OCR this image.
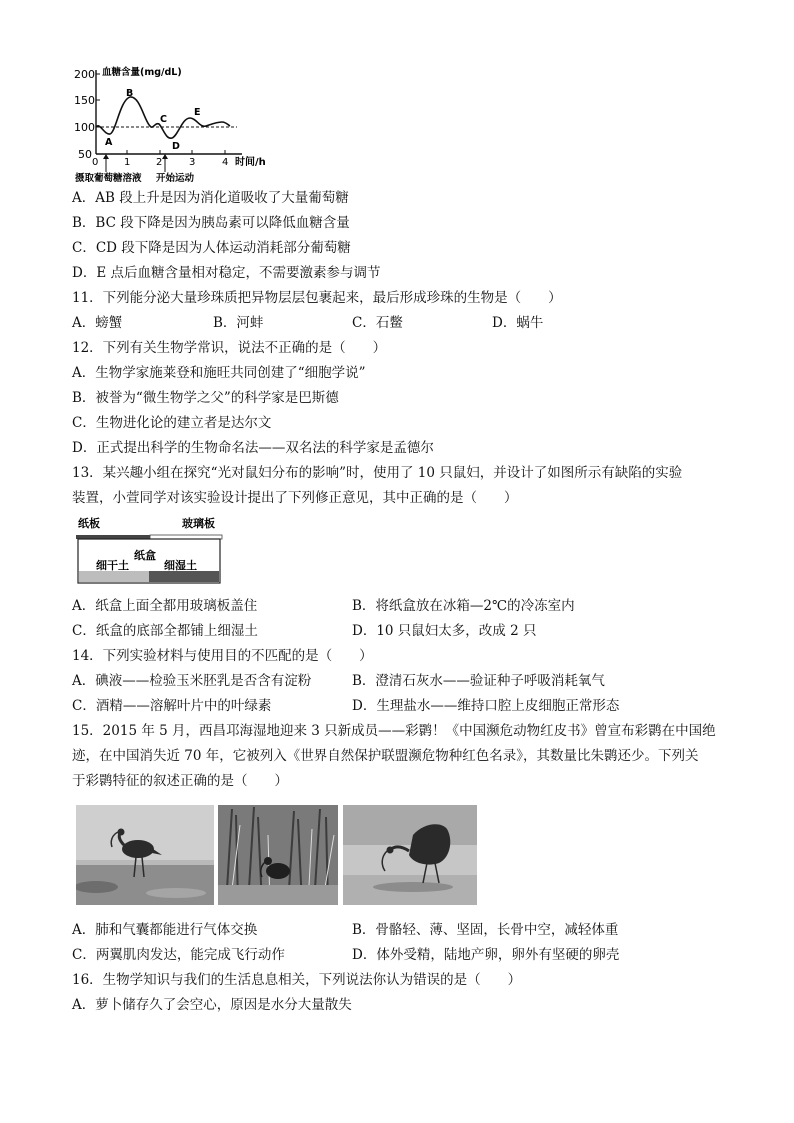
200
150
100
50
血糖含量(mg/dL)
0	1	2	3	4 时间/h
A
B
C
D
E
摄取葡萄糖溶液 开始运动
A．AB 段上升是因为消化道吸收了大量葡萄糖
B．BC 段下降是因为胰岛素可以降低血糖含量
C．CD 段下降是因为人体运动消耗部分葡萄糖
D．E 点后血糖含量相对稳定，不需要激素参与调节
11．下列能分泌大量珍珠质把异物层层包裹起来，最后形成珍珠的生物是（　　）
A．螃蟹	B．河蚌	C．石鳖	D．蜗牛
12．下列有关生物学常识，说法不正确的是（　　）
A．生物学家施莱登和施旺共同创建了“细胞学说”
B．被誉为“微生物学之父”的科学家是巴斯德
C．生物进化论的建立者是达尔文
D．正式提出科学的生物命名法——双名法的科学家是孟德尔
13．某兴趣小组在探究“光对鼠妇分布的影响”时，使用了 10 只鼠妇，并设计了如图所示有缺陷的实验
装置，小萱同学对该实验设计提出了下列修正意见，其中正确的是（　　）
纸板	玻璃板
纸盒
细干土	细湿土
A．纸盒上面全都用玻璃板盖住	B．将纸盒放在冰箱—2℃的冷冻室内
C．纸盒的底部全都铺上细湿土	D．10 只鼠妇太多，改成 2 只
14．下列实验材料与使用目的不匹配的是（　　）
A．碘液——检验玉米胚乳是否含有淀粉	B．澄清石灰水——验证种子呼吸消耗氧气
C．酒精——溶解叶片中的叶绿素	D．生理盐水——维持口腔上皮细胞正常形态
15．2015 年 5 月，西昌邛海湿地迎来 3 只新成员——彩鹮！《中国濒危动物红皮书》曾宣布彩鹮在中国绝
迹，在中国消失近 70 年，它被列入《世界自然保护联盟濒危物种红色名录》，其数量比朱鹮还少。下列关
于彩鹮特征的叙述正确的是（　　）
A．肺和气囊都能进行气体交换	B．骨骼轻、薄、坚固，长骨中空，减轻体重
C．两翼肌肉发达，能完成飞行动作	D．体外受精，陆地产卵，卵外有坚硬的卵壳
16．生物学知识与我们的生活息息相关，下列说法你认为错误的是（　　）
A．萝卜储存久了会空心，原因是水分大量散失
